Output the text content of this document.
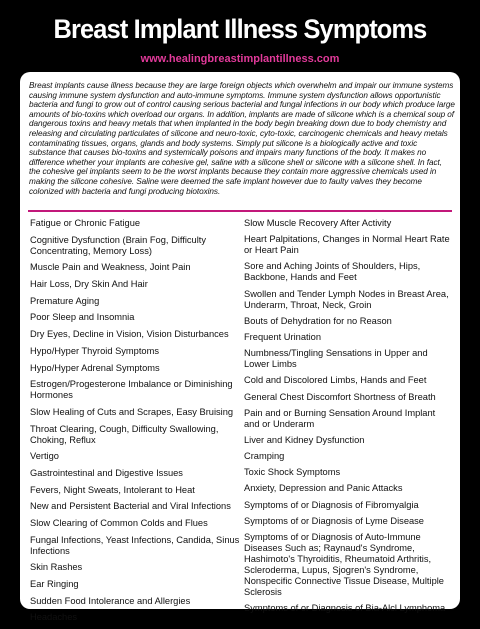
Breast Implant Illness Symptoms
www.healingbreastimplantillness.com
Breast implants cause illness because they are large foreign objects which overwhelm and impair our immune systems causing immune system dysfunction and auto-immune symptoms. Immune system dysfunction allows opportunistic bacteria and fungi to grow out of control causing serious bacterial and fungal infections in our body which produce large amounts of bio-toxins which overload our organs. In addition, implants are made of silicone which is a chemical soup of dangerous toxins and heavy metals that when implanted in the body begin breaking down due to body chemistry and releasing and circulating particulates of silicone and neuro-toxic, cyto-toxic, carcinogenic chemicals and heavy metals contaminating tissues, organs, glands and body systems. Simply put silicone is a biologically active and toxic substance that causes bio-toxins and systemically poisons and impairs many functions of the body. It makes no difference whether your implants are cohesive gel, saline with a silicone shell or silicone with a silicone shell. In fact, the cohesive gel implants seem to be the worst implants because they contain more aggressive chemicals used in making the silicone cohesive. Saline were deemed the safe implant however due to faulty valves they become colonized with bacteria and fungi producing biotoxins.
Fatigue or Chronic Fatigue
Cognitive Dysfunction (Brain Fog, Difficulty Concentrating, Memory Loss)
Muscle Pain and Weakness, Joint Pain
Hair Loss, Dry Skin And Hair
Premature Aging
Poor Sleep and Insomnia
Dry Eyes, Decline in Vision, Vision Disturbances
Hypo/Hyper Thyroid Symptoms
Hypo/Hyper Adrenal Symptoms
Estrogen/Progesterone Imbalance or Diminishing Hormones
Slow Healing of Cuts and Scrapes, Easy Bruising
Throat Clearing, Cough, Difficulty Swallowing, Choking, Reflux
Vertigo
Gastrointestinal and Digestive Issues
Fevers, Night Sweats, Intolerant to Heat
New and Persistent Bacterial and Viral Infections
Slow Clearing of Common Colds and Flues
Fungal Infections, Yeast Infections, Candida, Sinus Infections
Skin Rashes
Ear Ringing
Sudden Food Intolerance and Allergies
Headaches
Slow Muscle Recovery After Activity
Heart Palpitations, Changes in Normal Heart Rate or Heart Pain
Sore and Aching Joints of Shoulders, Hips, Backbone, Hands and Feet
Swollen and Tender Lymph Nodes in Breast Area, Underarm, Throat, Neck, Groin
Bouts of Dehydration for no Reason
Frequent Urination
Numbness/Tingling Sensations in Upper and Lower Limbs
Cold and Discolored Limbs, Hands and Feet
General Chest Discomfort Shortness of Breath
Pain and or Burning Sensation Around Implant and or Underarm
Liver and Kidney Dysfunction
Cramping
Toxic Shock Symptoms
Anxiety, Depression and Panic Attacks
Symptoms of or Diagnosis of Fibromyalgia
Symptoms of or Diagnosis of Lyme Disease
Symptoms of or Diagnosis of Auto-Immune Diseases Such as; Raynaud's Syndrome, Hashimoto's Thyroiditis, Rheumatoid Arthritis, Scleroderma, Lupus, Sjogren's Syndrome, Nonspecific Connective Tissue Disease, Multiple Sclerosis
Symptoms of or Diagnosis of Bia-Alcl Lymphoma
